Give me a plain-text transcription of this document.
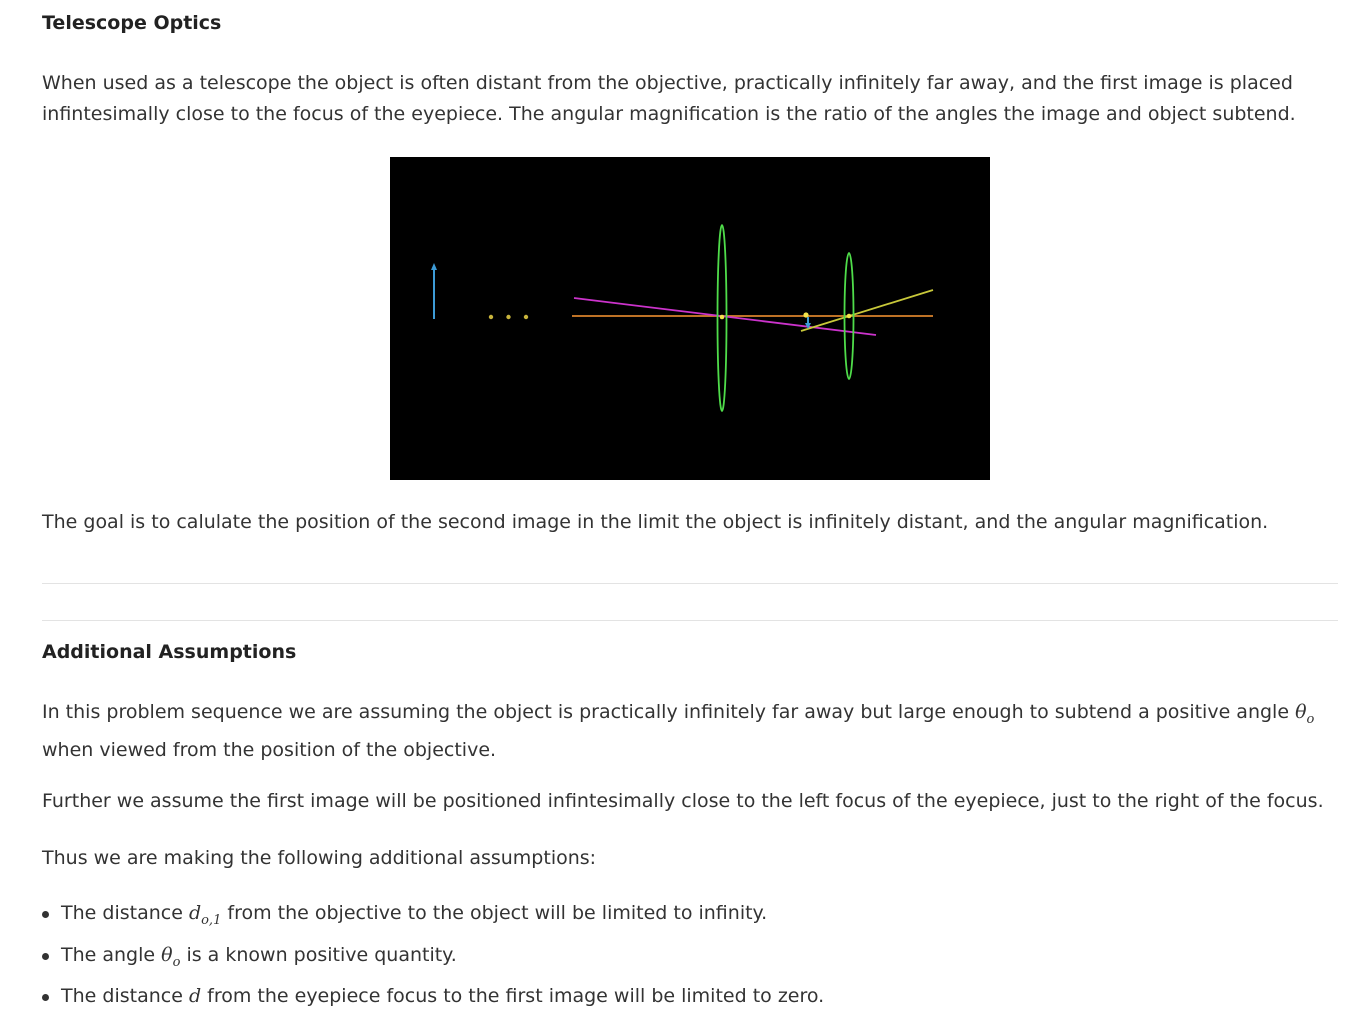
Telescope Optics

When used as a telescope the object is often distant from the objective, practically infinitely far away, and the first image is placed infintesimally close to the focus of the eyepiece. The angular magnification is the ratio of the angles the image and object subtend.

The goal is to calulate the position of the second image in the limit the object is infinitely distant, and the angular magnification.

Additional Assumptions

In this problem sequence we are assuming the object is practically infinitely far away but large enough to subtend a positive angle $\theta_o$ when viewed from the position of the objective.

Further we assume the first image will be positioned infintesimally close to the left focus of the eyepiece, just to the right of the focus.

Thus we are making the following additional assumptions:

The distance $d_{o,1}$ from the objective to the object will be limited to infinity.
The angle $\theta_o$ is a known positive quantity.
The distance d from the eyepiece focus to the first image will be limited to zero.
